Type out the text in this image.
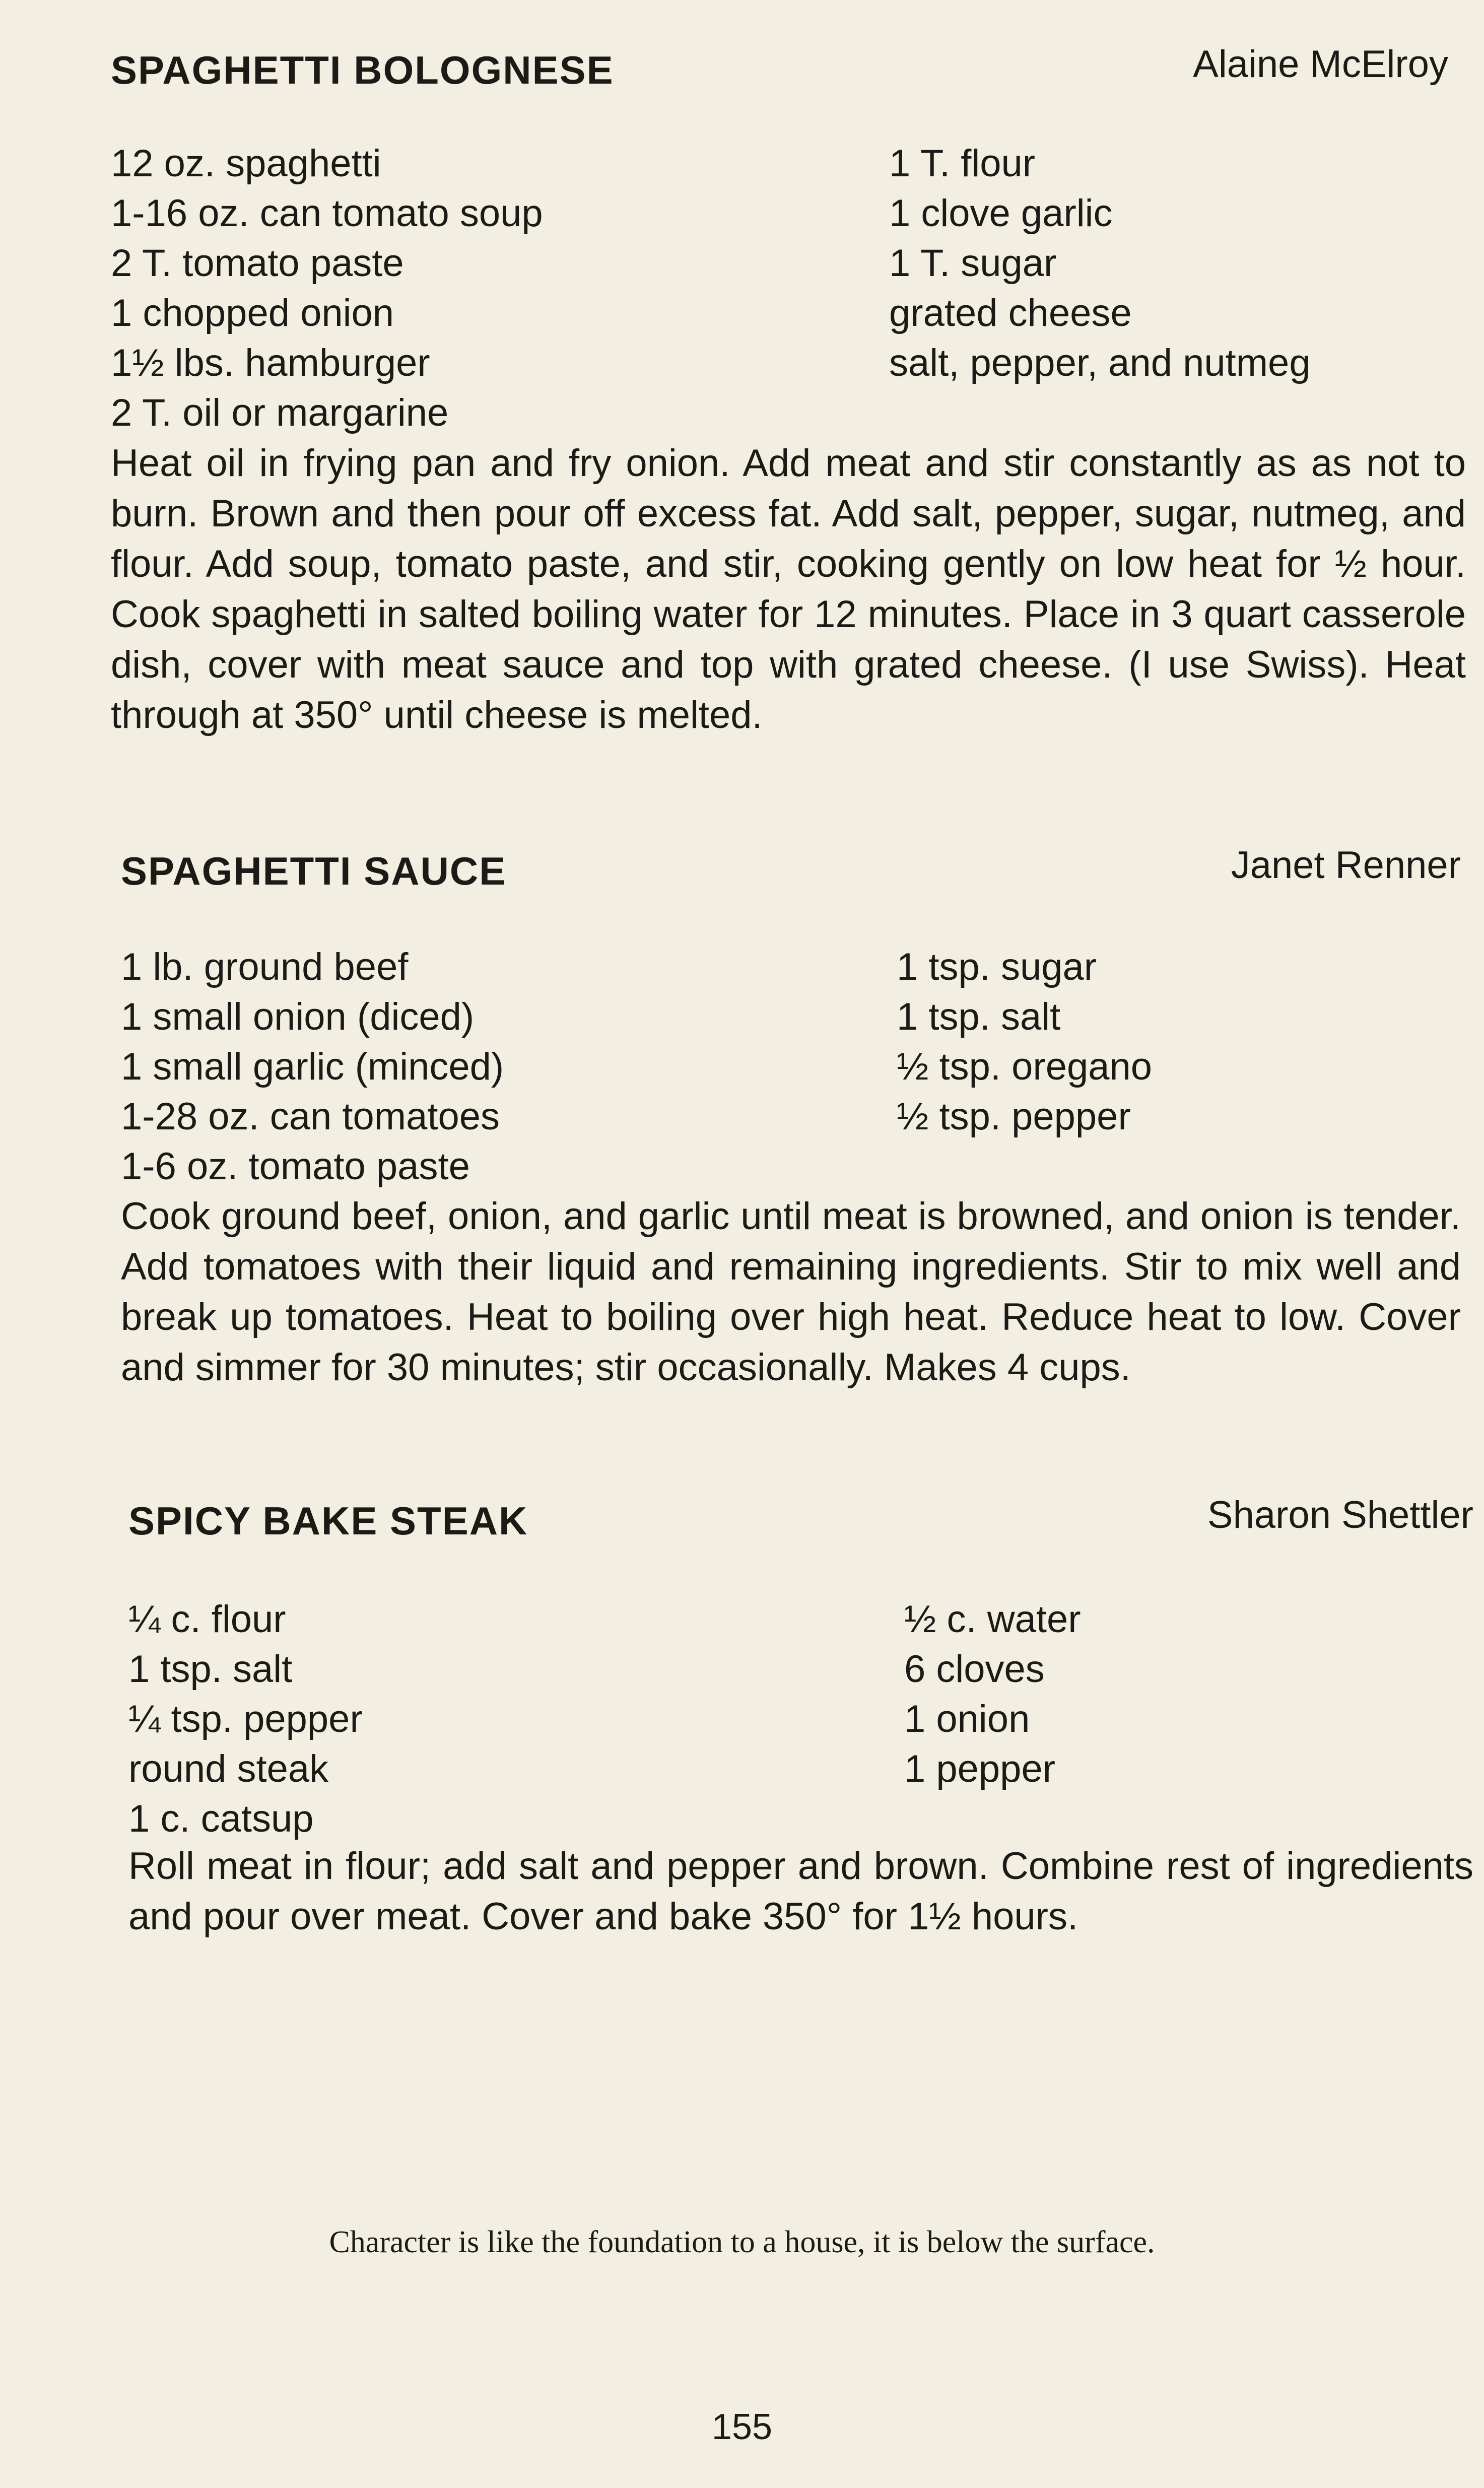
SPAGHETTI BOLOGNESE	Alaine McElroy
12 oz. spaghetti
1-16 oz. can tomato soup
2 T. tomato paste
1 chopped onion
1½ lbs. hamburger
1 T. flour
1 clove garlic
1 T. sugar
grated cheese
salt, pepper, and nutmeg
2 T. oil or margarine

Heat oil in frying pan and fry onion. Add meat and stir constantly as as not to burn. Brown and then pour off excess fat. Add salt, pepper, sugar, nutmeg, and flour. Add soup, tomato paste, and stir, cooking gently on low heat for ½ hour. Cook spaghetti in salted boiling water for 12 minutes. Place in 3 quart casserole dish, cover with meat sauce and top with grated cheese. (I use Swiss). Heat through at 350° until cheese is melted.

SPAGHETTI SAUCE	Janet Renner
1 lb. ground beef
1 small onion (diced)
1 small garlic (minced)
1-28 oz. can tomatoes
1 tsp. sugar
1 tsp. salt
½ tsp. oregano
½ tsp. pepper
1-6 oz. tomato paste

Cook ground beef, onion, and garlic until meat is browned, and onion is tender. Add tomatoes with their liquid and remaining ingredients. Stir to mix well and break up tomatoes. Heat to boiling over high heat. Reduce heat to low. Cover and simmer for 30 minutes; stir occasionally. Makes 4 cups.

SPICY BAKE STEAK	Sharon Shettler
¼ c. flour
1 tsp. salt
¼ tsp. pepper
round steak
½ c. water
6 cloves
1 onion
1 pepper
1 c. catsup

Roll meat in flour; add salt and pepper and brown. Combine rest of ingredients and pour over meat. Cover and bake 350° for 1½ hours.

Character is like the foundation to a house, it is below the surface.
155
